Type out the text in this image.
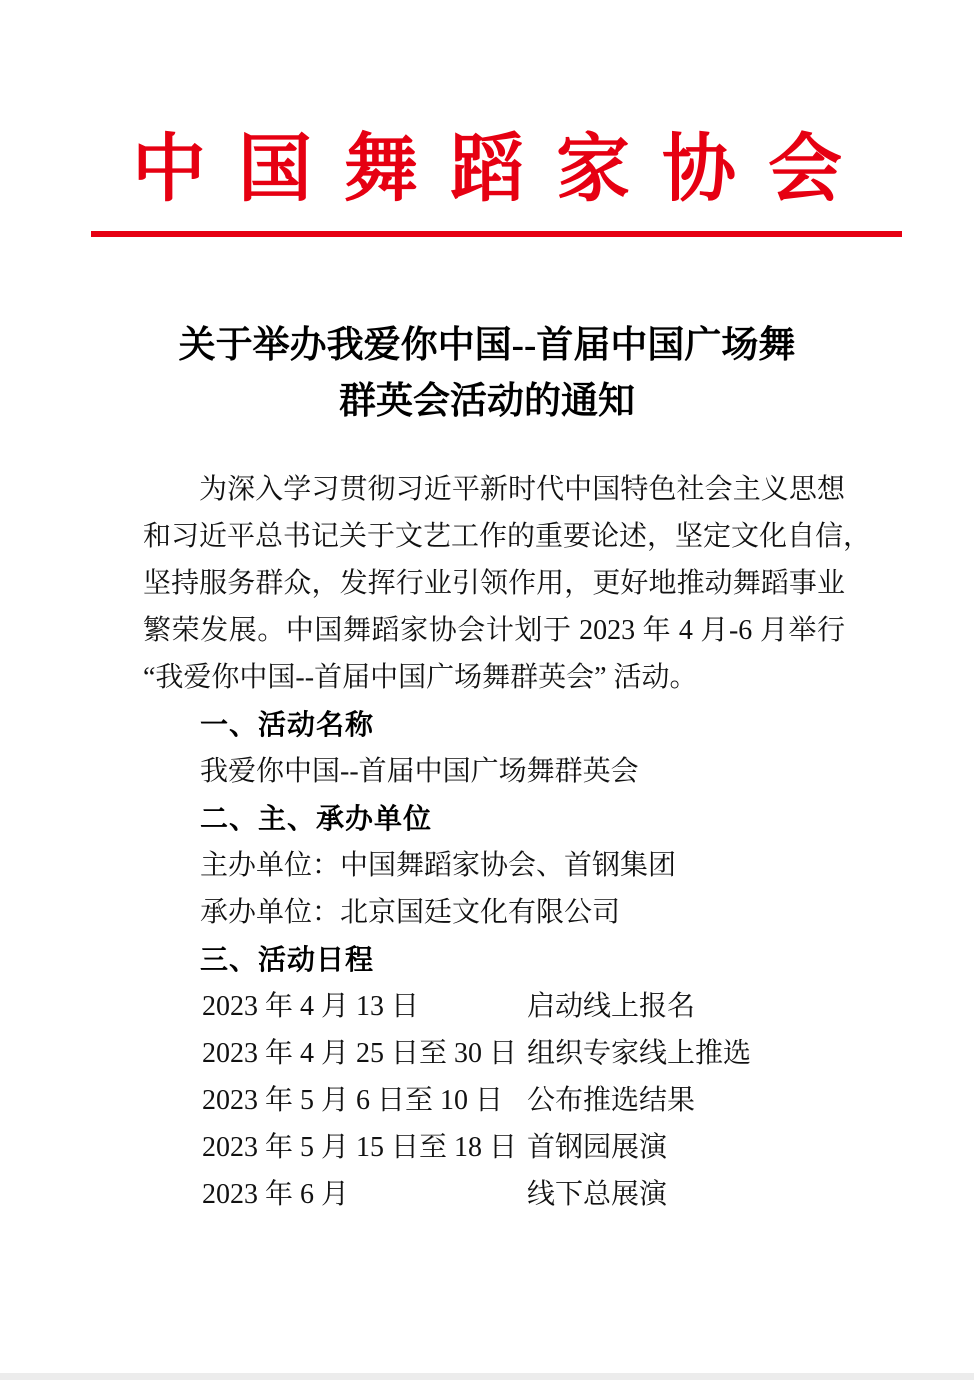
中国舞蹈家协会
关于举办我爱你中国--首届中国广场舞
群英会活动的通知
为深入学习贯彻习近平新时代中国特色社会主义思想
和习近平总书记关于文艺工作的重要论述，坚定文化自信，
坚持服务群众，发挥行业引领作用，更好地推动舞蹈事业
繁荣发展。中国舞蹈家协会计划于 2023 年 4 月-6 月举行
“我爱你中国--首届中国广场舞群英会” 活动。
一、活动名称
我爱你中国--首届中国广场舞群英会
二、主、承办单位
主办单位：中国舞蹈家协会、首钢集团
承办单位：北京国廷文化有限公司
三、活动日程
2023 年 4 月 13 日	启动线上报名
2023 年 4 月 25 日至 30 日 组织专家线上推选
2023 年 5 月 6 日至 10 日 公布推选结果
2023 年 5 月 15 日至 18 日 首钢园展演
2023 年 6 月	线下总展演
